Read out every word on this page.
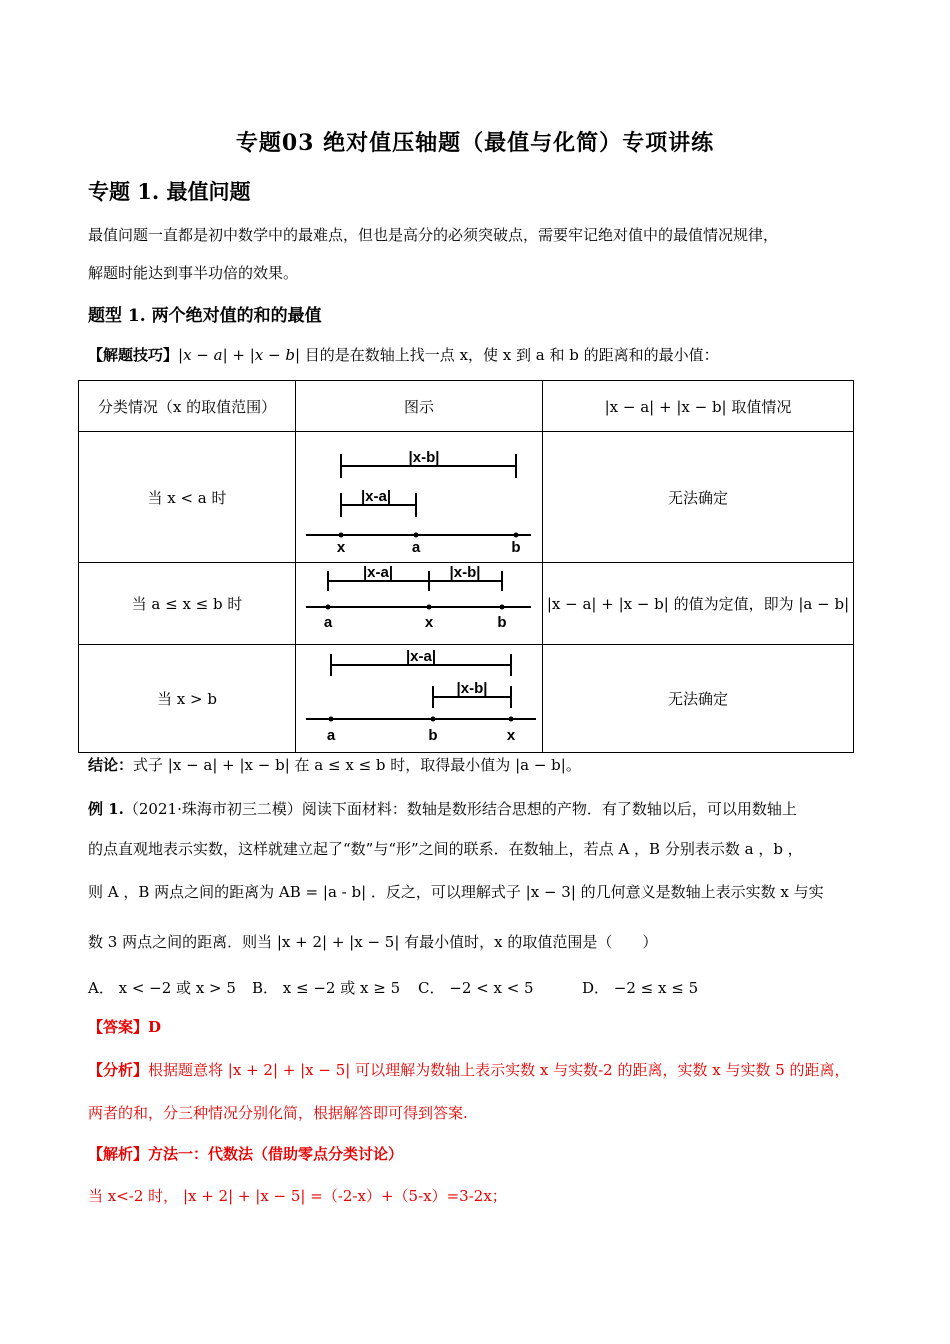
专题03 绝对值压轴题（最值与化简）专项讲练
专题 1. 最值问题
最值问题一直都是初中数学中的最难点，但也是高分的必须突破点，需要牢记绝对值中的最值情况规律，
解题时能达到事半功倍的效果。
题型 1. 两个绝对值的和的最值
【解题技巧】|x − a| + |x − b| 目的是在数轴上找一点 x，使 x 到 a 和 b 的距离和的最小值：
分类情况（x 的取值范围）	图示	|x − a| + |x − b| 取值情况
当 x < a 时	|x-b|
|x-a|
x a b	无法确定
当 a ≤ x ≤ b 时	|x-a| |x-b|
a x b	|x − a| + |x − b| 的值为定值，即为 |a − b|
当 x > b	|x-a|
|x-b|
a b x	无法确定
结论：式子 |x − a| + |x − b| 在 a ≤ x ≤ b 时，取得最小值为 |a − b|。
例 1.（2021·珠海市初三二模）阅读下面材料：数轴是数形结合思想的产物．有了数轴以后，可以用数轴上
的点直观地表示实数，这样就建立起了“数”与“形”之间的联系．在数轴上，若点 A ，B 分别表示数 a ，b ，
则 A ，B 两点之间的距离为 AB = |a - b| ．反之，可以理解式子 |x − 3| 的几何意义是数轴上表示实数 x 与实
数 3 两点之间的距离．则当 |x + 2| + |x − 5| 有最小值时，x 的取值范围是（　　）
A． x < −2 或 x > 5 B． x ≤ −2 或 x ≥ 5 C． −2 < x < 5	D． −2 ≤ x ≤ 5
【答案】D
【分析】根据题意将 |x + 2| + |x − 5| 可以理解为数轴上表示实数 x 与实数-2 的距离，实数 x 与实数 5 的距离，
两者的和，分三种情况分别化简，根据解答即可得到答案.
【解析】方法一：代数法（借助零点分类讨论）
当 x<-2 时， |x + 2| + |x − 5| =（-2-x）+（5-x）=3-2x；
